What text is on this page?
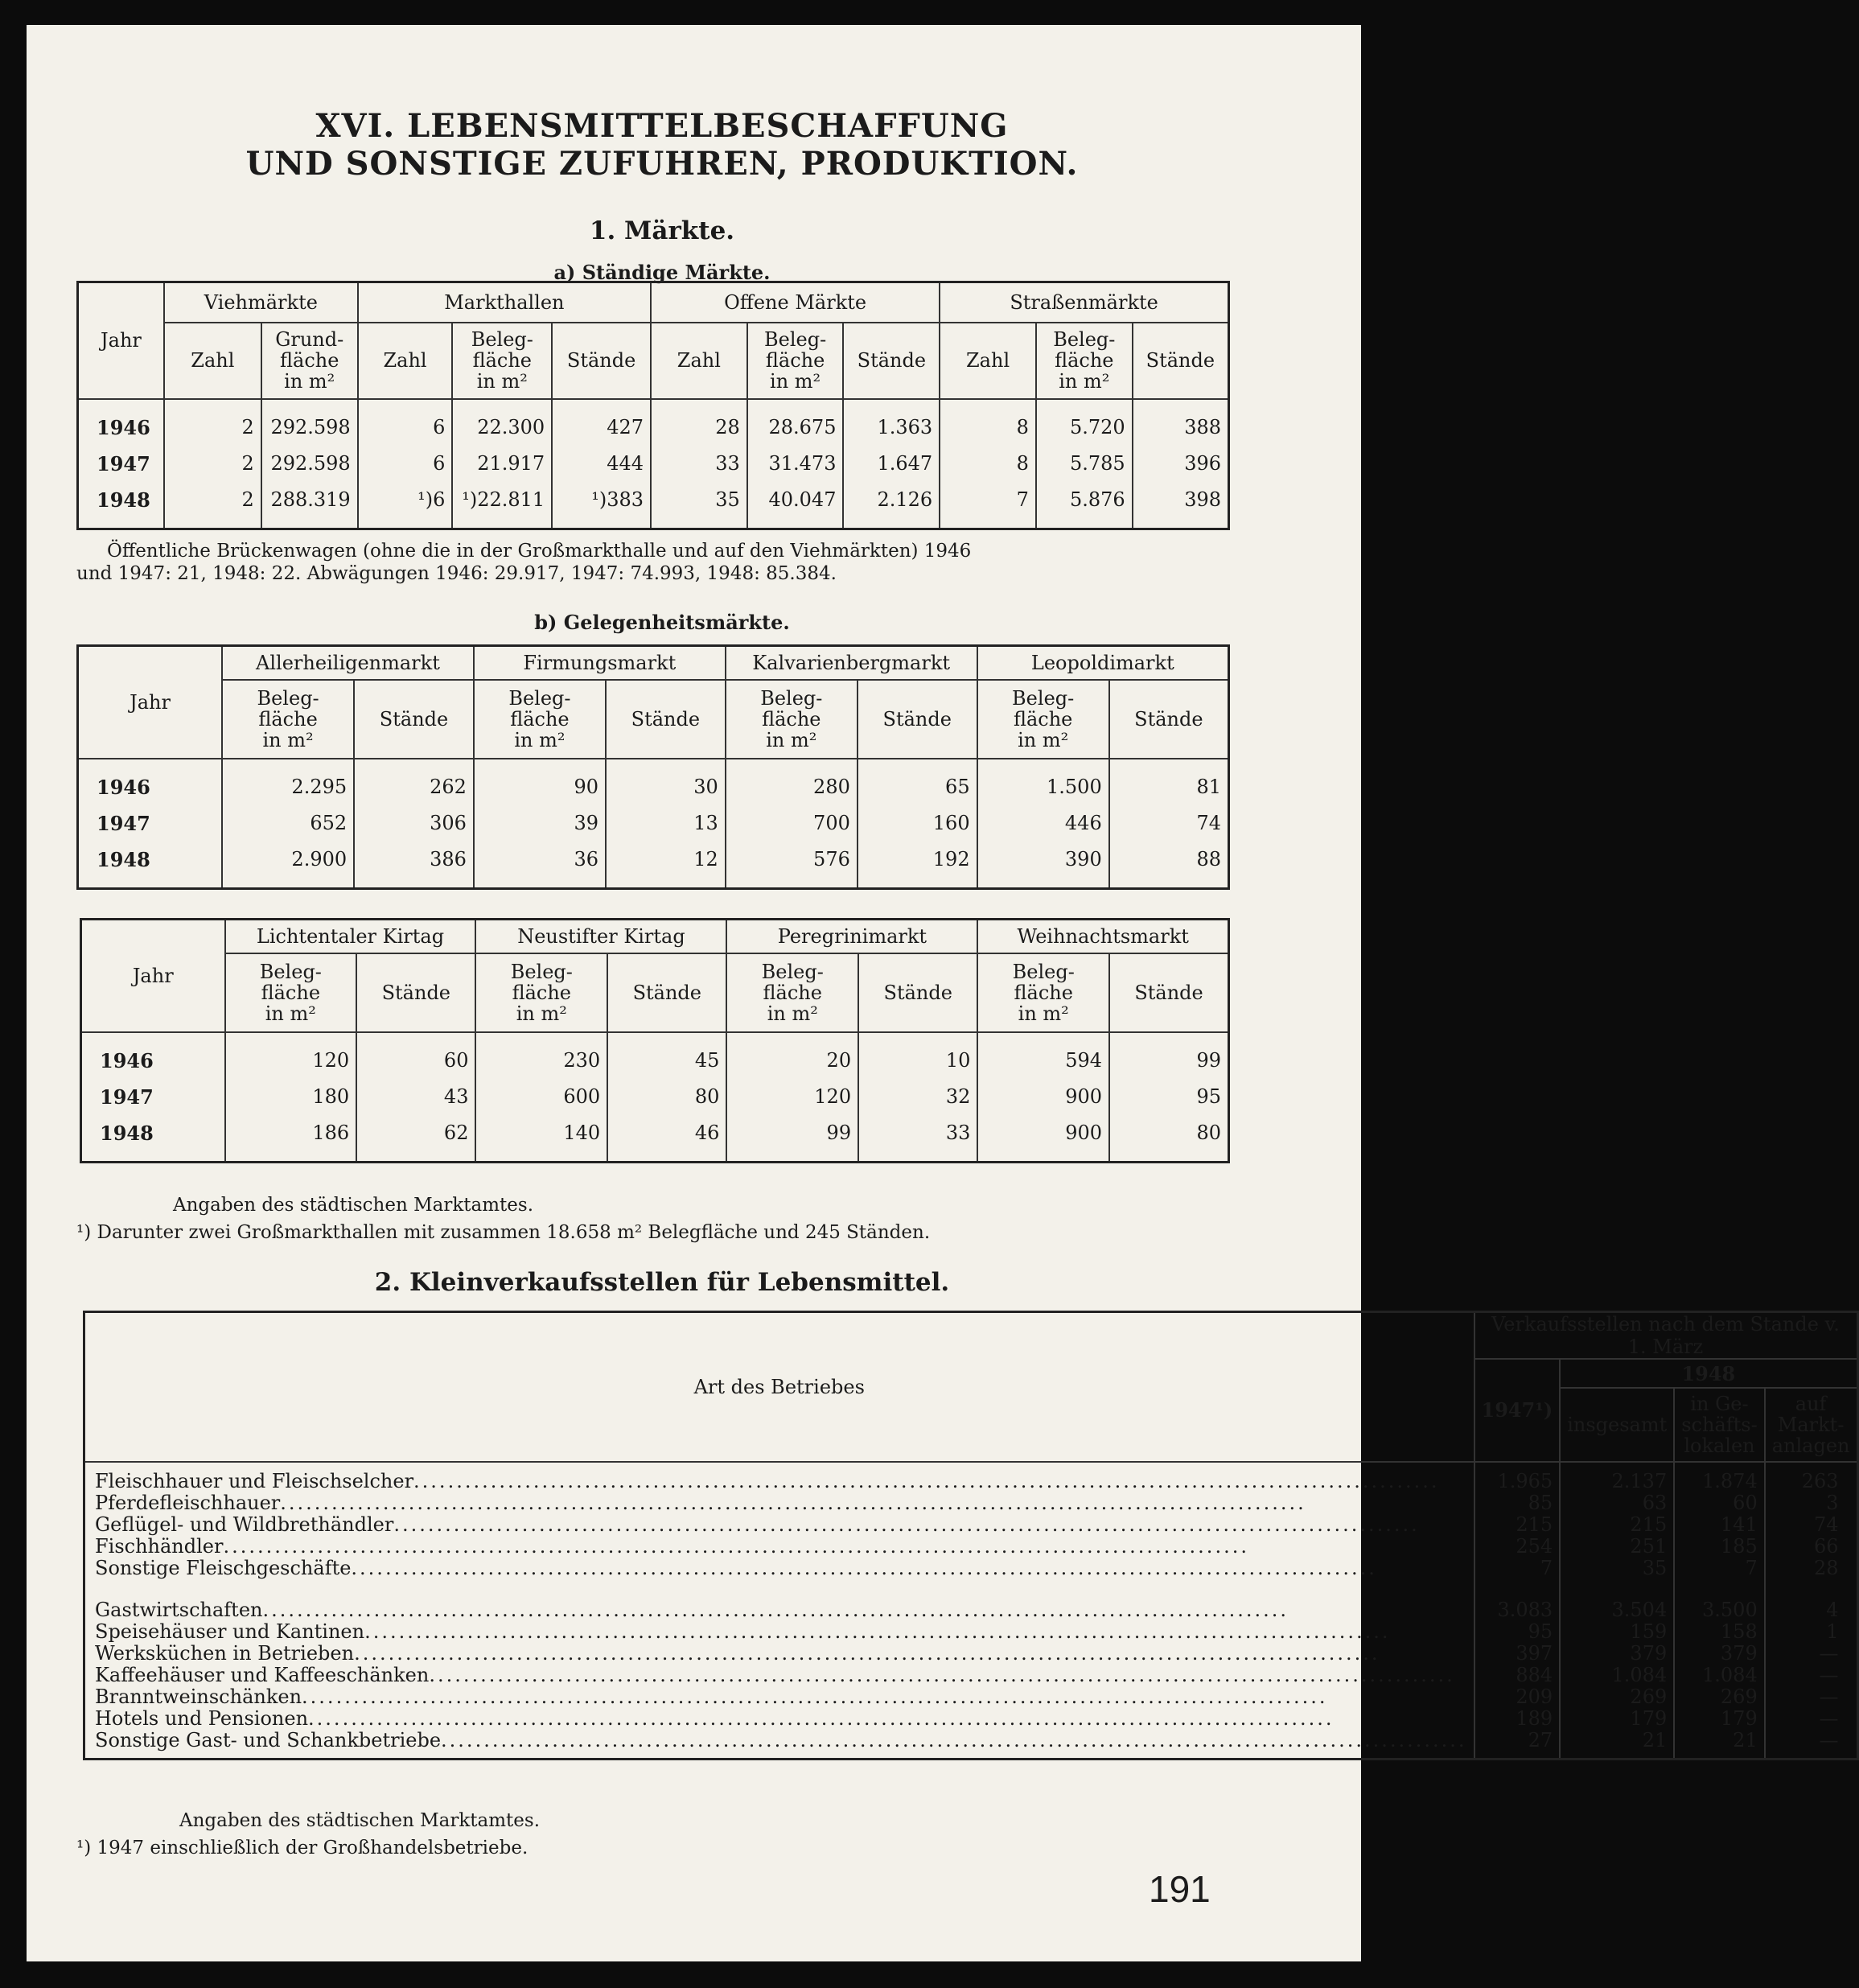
XVI. LEBENSMITTELBESCHAFFUNG
UND SONSTIGE ZUFUHREN, PRODUKTION.
1. Märkte.
a) Ständige Märkte.
Jahr	Viehmärkte		Markthallen			Offene Märkte			Straßenmärkte		
	Zahl	Grund-
fläche
in m²	Zahl	Beleg-
fläche
in m²	Stände	Zahl	Beleg-
fläche
in m²	Stände	Zahl	Beleg-
fläche
in m²	Stände

1946	2	292.598	6	22.300	427	28	28.675	1.363	8	5.720	388
1947	2	292.598	6	21.917	444	33	31.473	1.647	8	5.785	396
1948	2	288.319	¹)6	¹)22.811	¹)383	35	40.047	2.126	7	5.876	398

Öffentliche Brückenwagen (ohne die in der Großmarkthalle und auf den Viehmärkten) 1946
und 1947: 21, 1948: 22. Abwägungen 1946: 29.917, 1947: 74.993, 1948: 85.384.
b) Gelegenheitsmärkte.
Jahr	Allerheiligenmarkt		Firmungsmarkt		Kalvarienbergmarkt		Leopoldimarkt	
	Beleg-
fläche
in m²	Stände	Beleg-
fläche
in m²	Stände	Beleg-
fläche
in m²	Stände	Beleg-
fläche
in m²	Stände

1946	2.295	262	90	30	280	65	1.500	81
1947	652	306	39	13	700	160	446	74
1948	2.900	386	36	12	576	192	390	88

Jahr	Lichtentaler Kirtag		Neustifter Kirtag		Peregrinimarkt		Weihnachtsmarkt	
	Beleg-
fläche
in m²	Stände	Beleg-
fläche
in m²	Stände	Beleg-
fläche
in m²	Stände	Beleg-
fläche
in m²	Stände

1946	120	60	230	45	20	10	594	99
1947	180	43	600	80	120	32	900	95
1948	186	62	140	46	99	33	900	80

Angaben des städtischen Marktamtes.
¹) Darunter zwei Großmarkthallen mit zusammen 18.658 m² Belegfläche und 245 Ständen.
2. Kleinverkaufsstellen für Lebensmittel.
Art des Betriebes	Verkaufsstellen nach dem Stande v. 1. März			
	1947¹)	1948		
		insgesamt	in Ge-
schäfts-
lokalen	auf
Markt-
anlagen

Fleischhauer und Fleischselcher ........................................................................................................................	1.965	2.137	1.874	263

Pferdefleischhauer ........................................................................................................................	85	63	60	3

Geflügel- und Wildbrethändler ........................................................................................................................	215	215	141	74

Fischhändler ........................................................................................................................	254	251	185	66

Sonstige Fleischgeschäfte ........................................................................................................................	7	35	7	28

Gastwirtschaften ........................................................................................................................	3.083	3.504	3.500	4

Speisehäuser und Kantinen ........................................................................................................................	95	159	158	1

Werksküchen in Betrieben ........................................................................................................................	397	379	379	—

Kaffeehäuser und Kaffeeschänken ........................................................................................................................	884	1.084	1.084	—

Branntweinschänken ........................................................................................................................	209	269	269	—

Hotels und Pensionen ........................................................................................................................	189	179	179	—

Sonstige Gast- und Schankbetriebe ........................................................................................................................	27	21	21	—

Angaben des städtischen Marktamtes.
¹) 1947 einschließlich der Großhandelsbetriebe.
191
